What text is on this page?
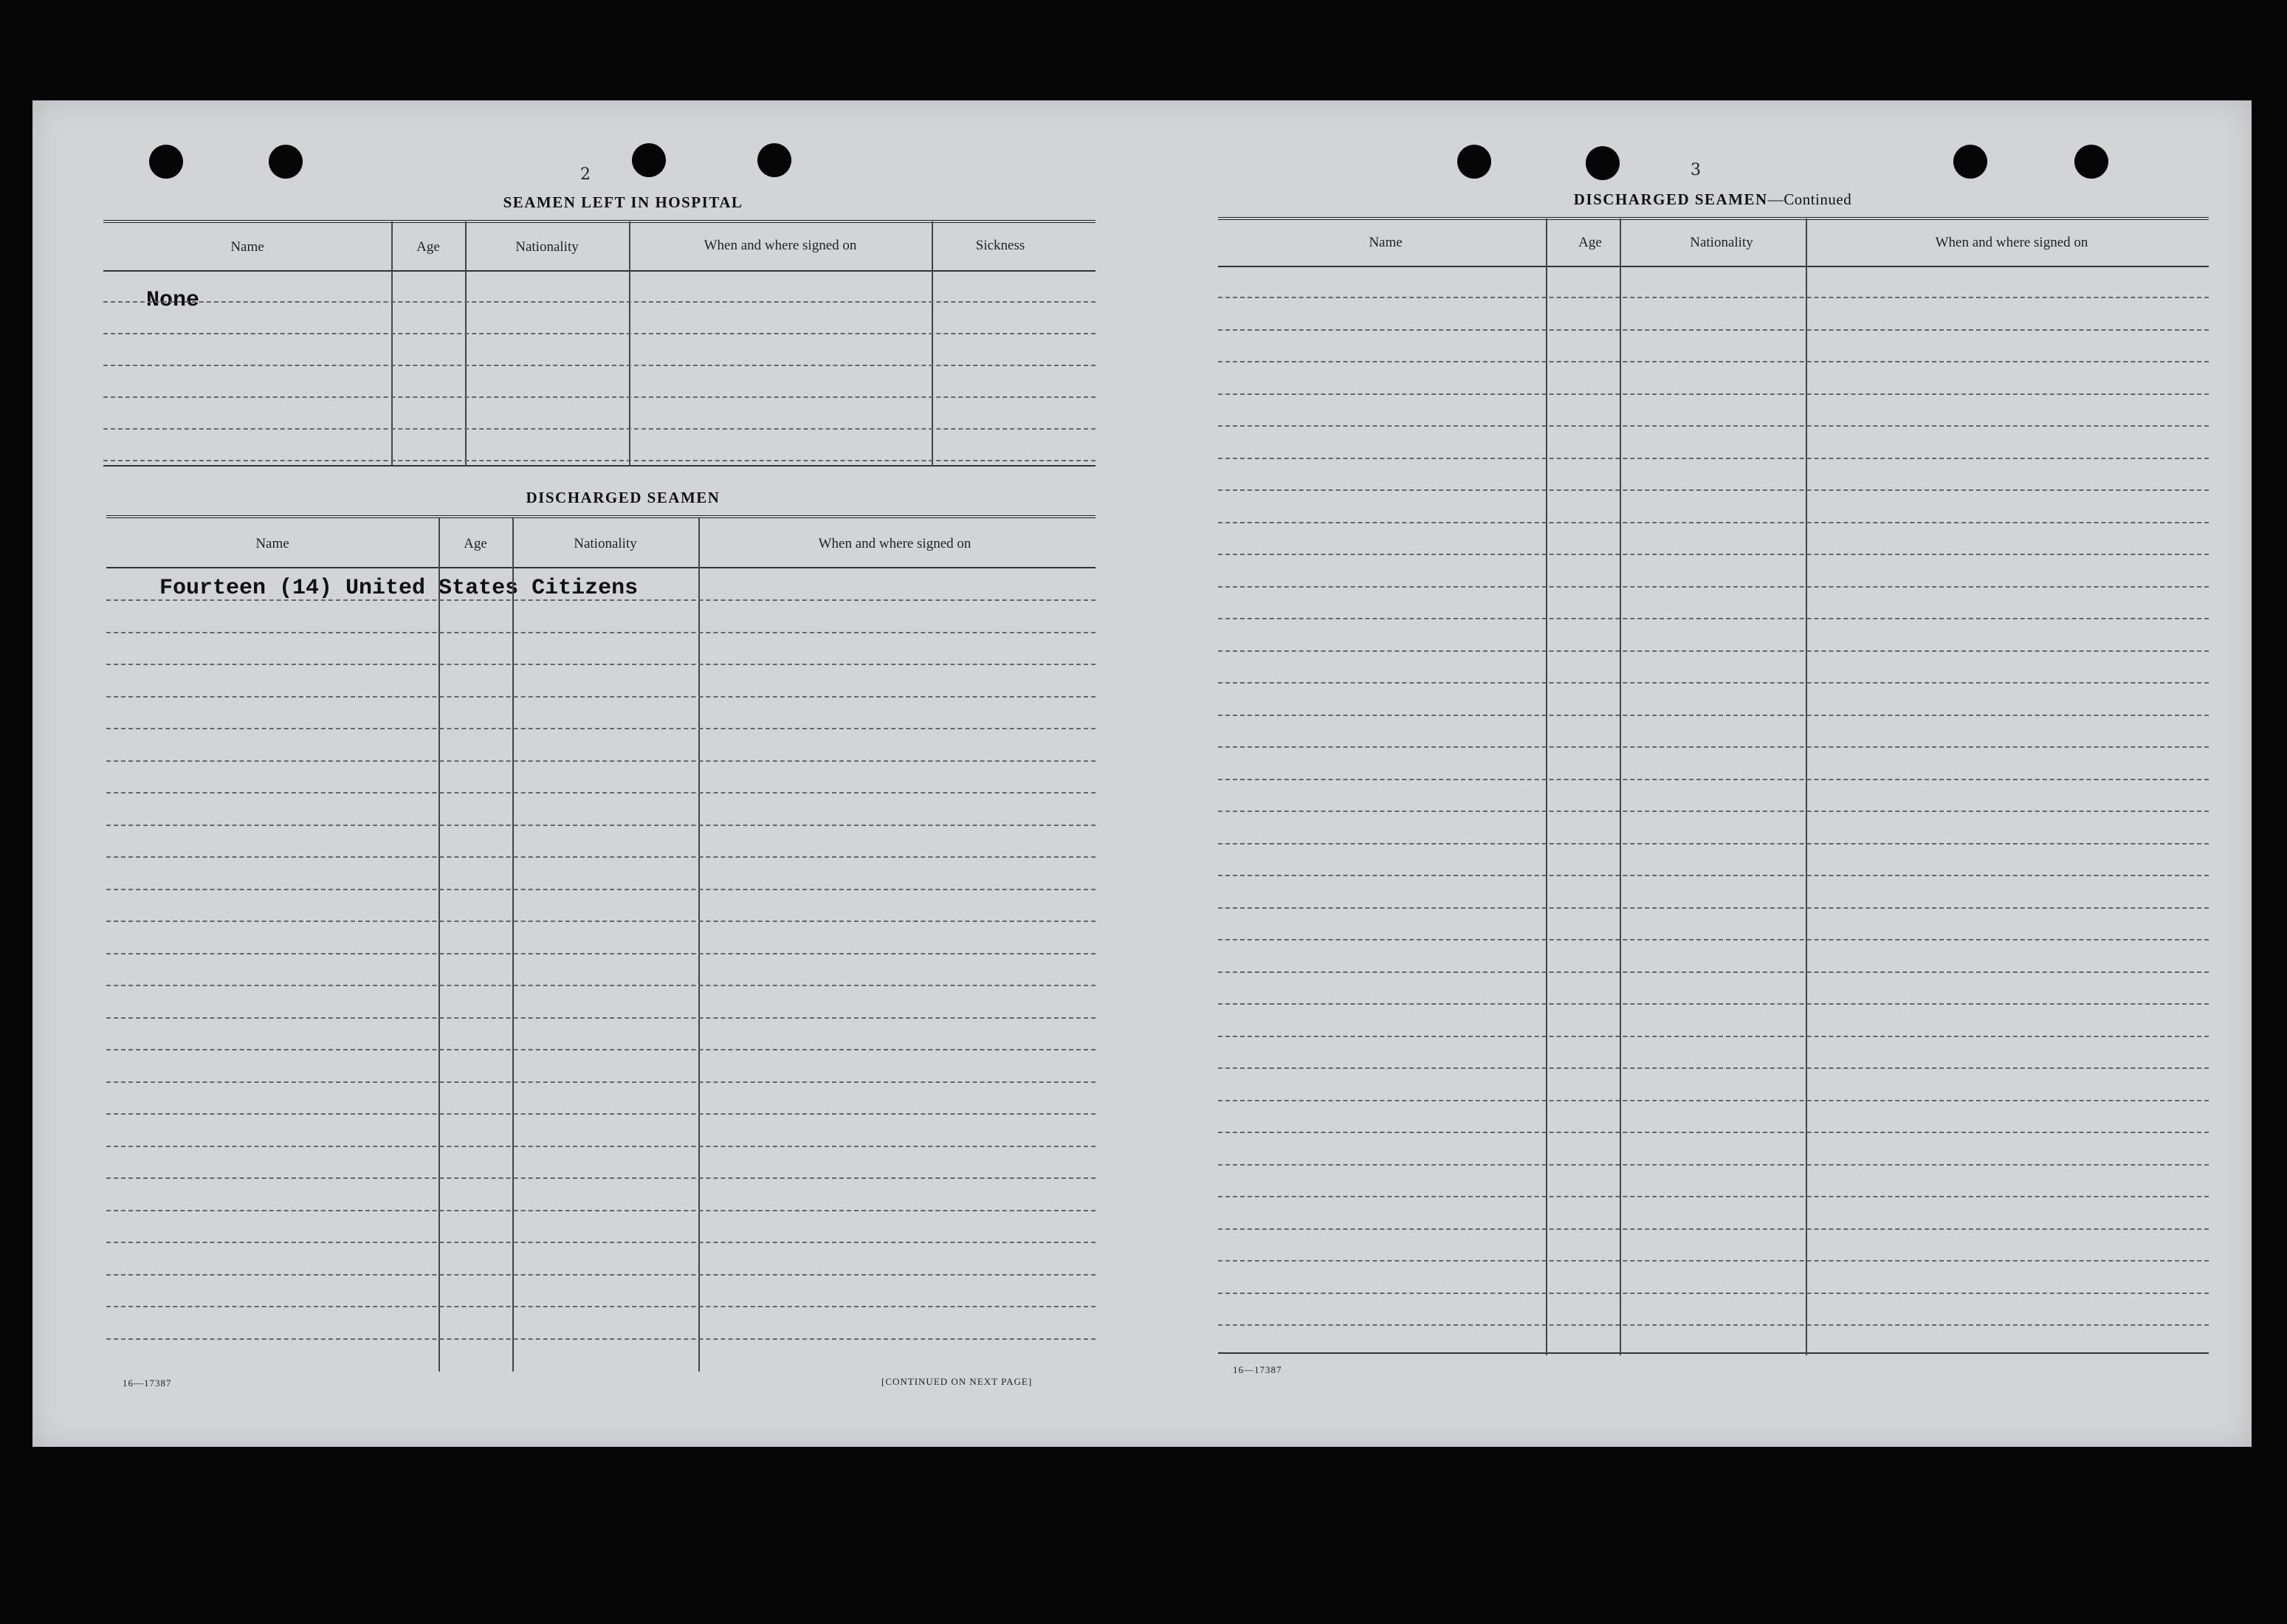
2
SEAMEN LEFT IN HOSPITAL
Name	Age	Nationality	When and where signed on	Sickness
None
DISCHARGED SEAMEN
Name	Age	Nationality	When and where signed on
Fourteen (14) United States Citizens
16—17387	[CONTINUED ON NEXT PAGE]
3
DISCHARGED SEAMEN—Continued
Name	Age	Nationality	When and where signed on
16—17387
